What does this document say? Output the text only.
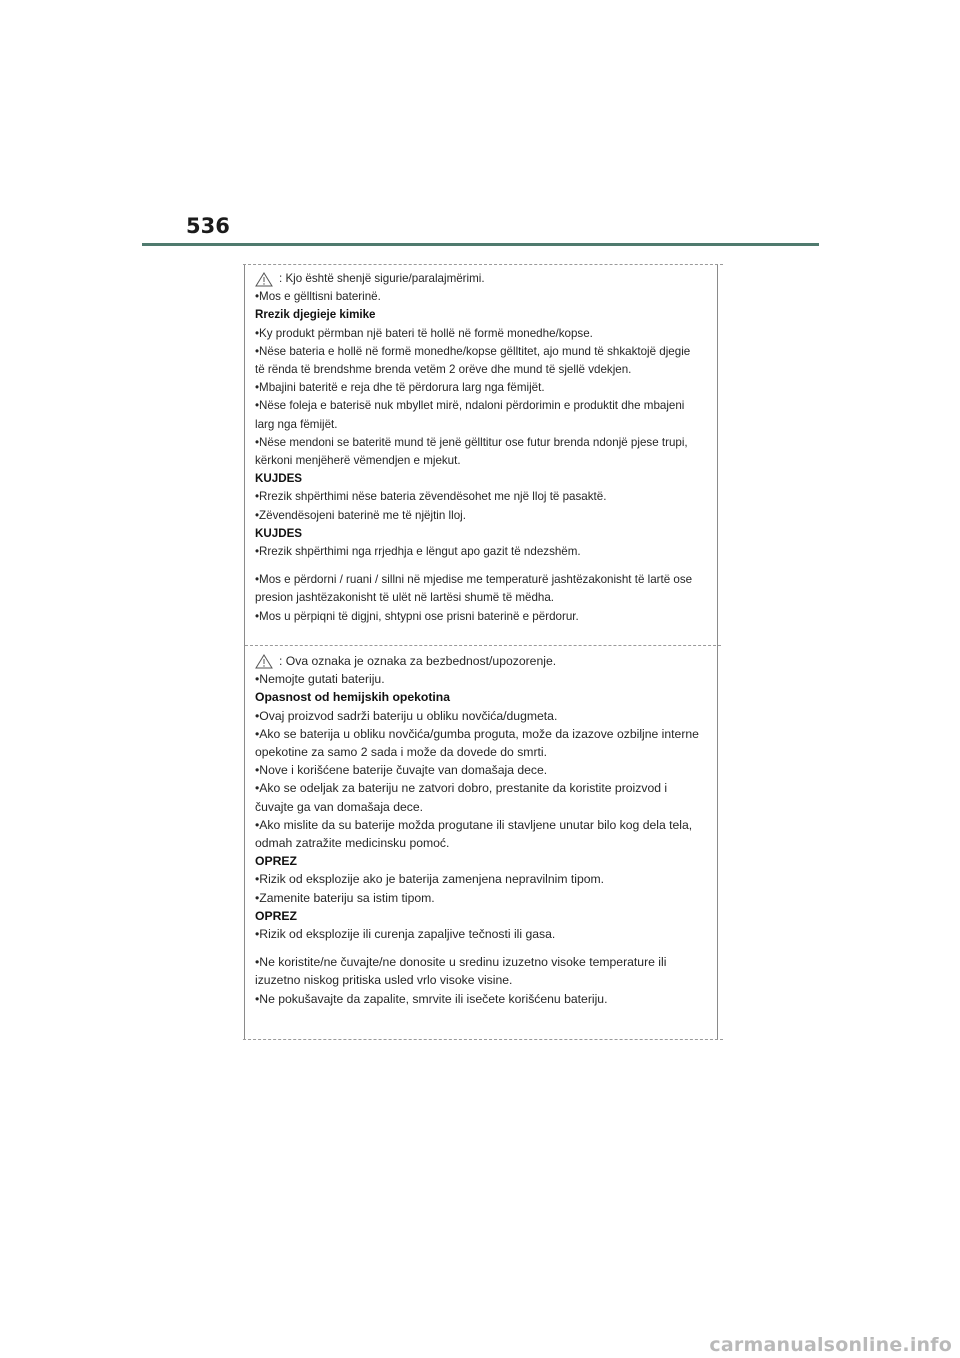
536
: Kjo është shenjë sigurie/paralajmërimi.
•Mos e gëlltisni baterinë.
Rrezik djegieje kimike
•Ky produkt përmban një bateri të hollë në formë monedhe/kopse.
•Nëse bateria e hollë në formë monedhe/kopse gëlltitet, ajo mund të shkaktojë djegie të rënda të brendshme brenda vetëm 2 orëve dhe mund të sjellë vdekjen.
•Mbajini bateritë e reja dhe të përdorura larg nga fëmijët.
•Nëse foleja e baterisë nuk mbyllet mirë, ndaloni përdorimin e produktit dhe mbajeni larg nga fëmijët.
•Nëse mendoni se bateritë mund të jenë gëlltitur ose futur brenda ndonjë pjese trupi, kërkoni menjëherë vëmendjen e mjekut.
KUJDES
•Rrezik shpërthimi nëse bateria zëvendësohet me një lloj të pasaktë.
•Zëvendësojeni baterinë me të njëjtin lloj.
KUJDES
•Rrezik shpërthimi nga rrjedhja e lëngut apo gazit të ndezshëm.
•Mos e përdorni / ruani / sillni në mjedise me temperaturë jashtëzakonisht të lartë ose presion jashtëzakonisht të ulët në lartësi shumë të mëdha.
•Mos u përpiqni të digjni, shtypni ose prisni baterinë e përdorur.
: Ova oznaka je oznaka za bezbednost/upozorenje.
•Nemojte gutati bateriju.
Opasnost od hemijskih opekotina
•Ovaj proizvod sadrži bateriju u obliku novčića/dugmeta.
•Ako se baterija u obliku novčića/gumba proguta, može da izazove ozbiljne interne opekotine za samo 2 sada i može da dovede do smrti.
•Nove i korišćene baterije čuvajte van domašaja dece.
•Ako se odeljak za bateriju ne zatvori dobro, prestanite da koristite proizvod i čuvajte ga van domašaja dece.
•Ako mislite da su baterije možda progutane ili stavljene unutar bilo kog dela tela, odmah zatražite medicinsku pomoć.
OPREZ
•Rizik od eksplozije ako je baterija zamenjena nepravilnim tipom.
•Zamenite bateriju sa istim tipom.
OPREZ
•Rizik od eksplozije ili curenja zapaljive tečnosti ili gasa.
•Ne koristite/ne čuvajte/ne donosite u sredinu izuzetno visoke temperature ili izuzetno niskog pritiska usled vrlo visoke visine.
•Ne pokušavajte da zapalite, smrvite ili isečete korišćenu bateriju.
carmanualsonline.info
